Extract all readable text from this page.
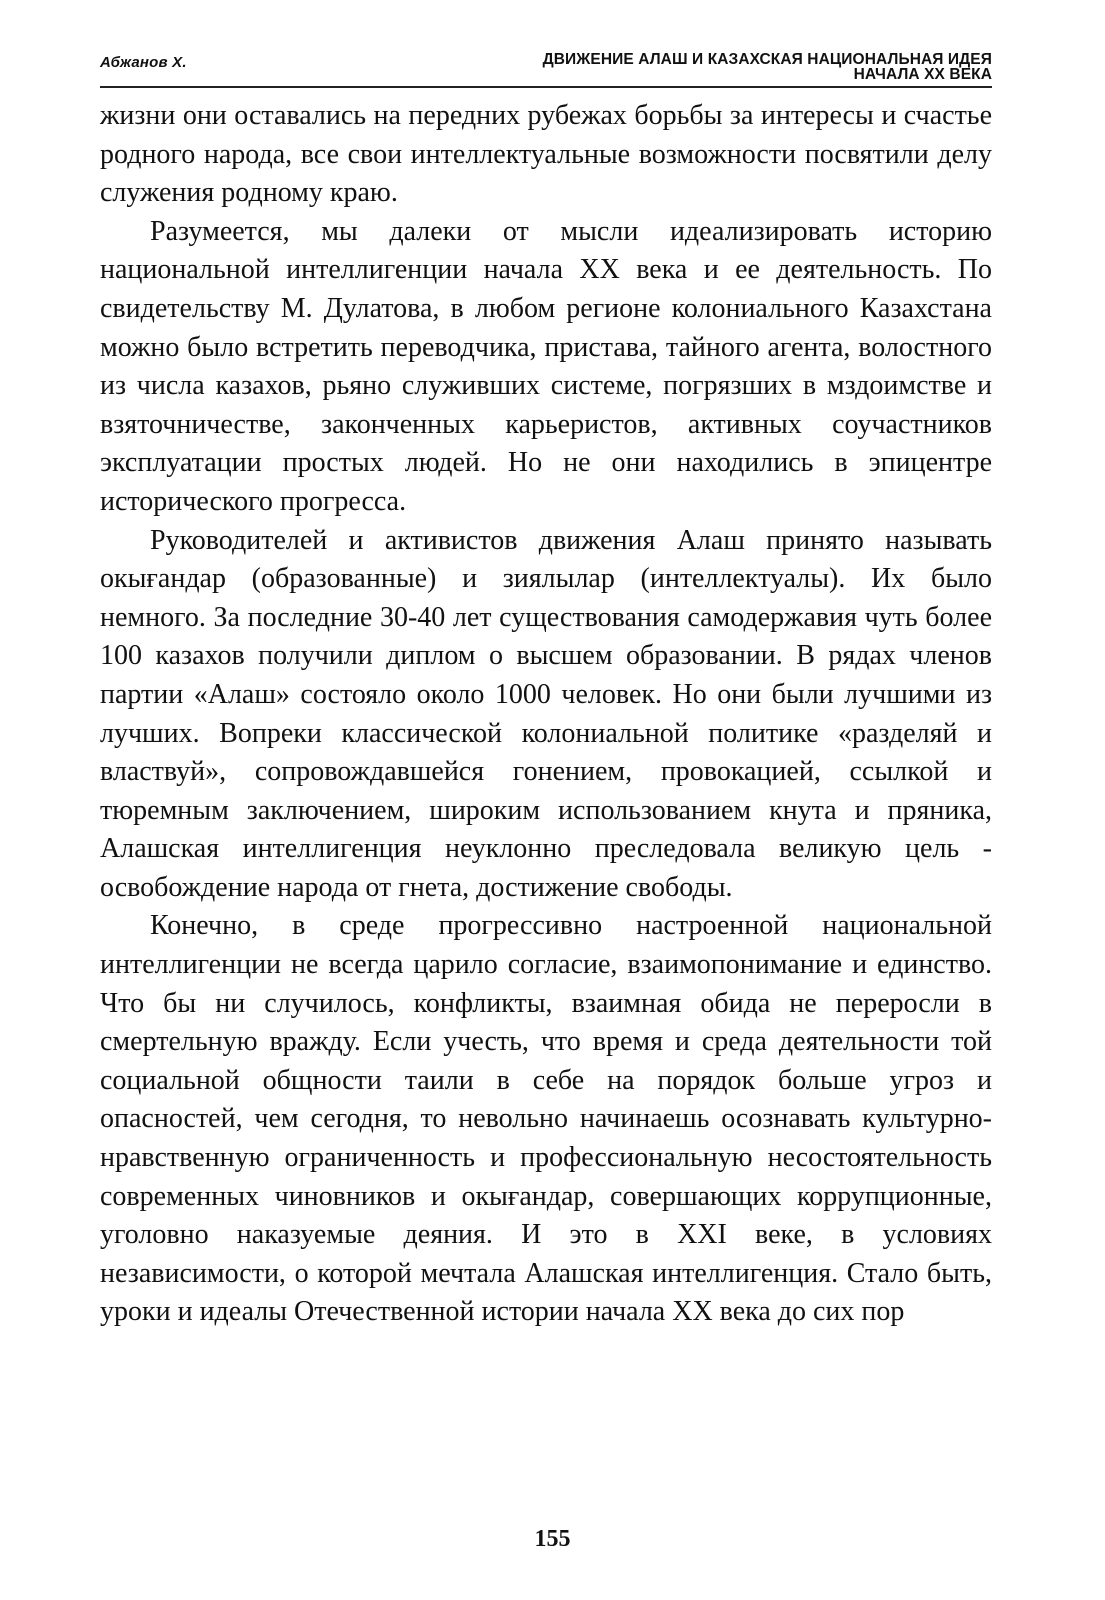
Абжанов Х.	ДВИЖЕНИЕ АЛАШ И КАЗАХСКАЯ НАЦИОНАЛЬНАЯ ИДЕЯ
НАЧАЛА XX ВЕКА

жизни они оставались на передних рубежах борьбы за интересы и счастье родного народа, все свои интеллектуальные возможности посвятили делу служения родному краю.

Разумеется, мы далеки от мысли идеализировать историю национальной интеллигенции начала XX века и ее деятельность. По свидетельству М. Дулатова, в любом регионе колониального Казахстана можно было встретить переводчика, пристава, тайного агента, волостного из числа казахов, рьяно служивших системе, погрязших в мздоимстве и взяточничестве, законченных карьеристов, активных соучастников эксплуатации простых людей. Но не они находились в эпицентре исторического прогресса.

Руководителей и активистов движения Алаш принято называть окығандар (образованные) и зиялылар (интеллектуалы). Их было немного. За последние 30-40 лет существования самодержавия чуть более 100 казахов получили диплом о высшем образовании. В рядах членов партии «Алаш» состояло около 1000 человек. Но они были лучшими из лучших. Вопреки классической колониальной политике «разделяй и властвуй», сопровождавшейся гонением, провокацией, ссылкой и тюремным заключением, широким использованием кнута и пряника, Алашская интеллигенция неуклонно преследовала великую цель - освобождение народа от гнета, достижение свободы.

Конечно, в среде прогрессивно настроенной национальной интеллигенции не всегда царило согласие, взаимопонимание и единство. Что бы ни случилось, конфликты, взаимная обида не переросли в смертельную вражду. Если учесть, что время и среда деятельности той социальной общности таили в себе на порядок больше угроз и опасностей, чем сегодня, то невольно начинаешь осознавать культурно-нравственную ограниченность и профессиональную несостоятельность современных чиновников и окығандар, совершающих коррупционные, уголовно наказуемые деяния. И это в XXI веке, в условиях независимости, о которой мечтала Алашская интеллигенция. Стало быть, уроки и идеалы Отечественной истории начала XX века до сих пор

155
